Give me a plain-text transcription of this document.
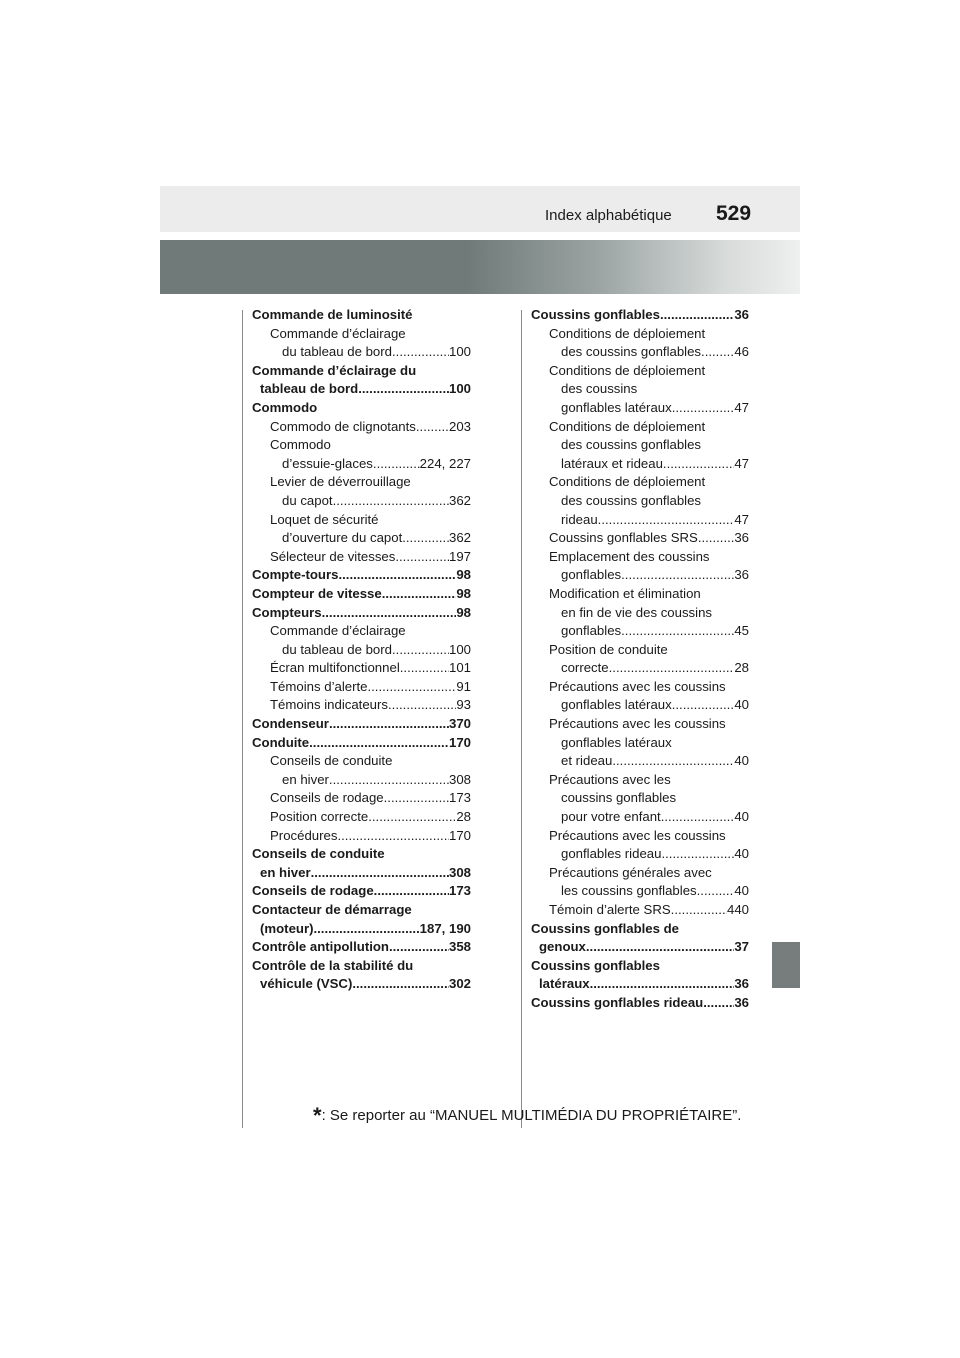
Index alphabétique 529
Commande de luminosité
Commande d’éclairage
du tableau de bord .....	100
Commande d’éclairage du
tableau de bord .....	100
Commodo
Commodo de clignotants .....	203
Commodo
d’essuie-glaces .....	224, 227
Levier de déverrouillage
du capot .....	362
Loquet de sécurité
d’ouverture du capot .....	362
Sélecteur de vitesses .....	197
Compte-tours .....	98
Compteur de vitesse .....	98
Compteurs .....	98
Commande d’éclairage
du tableau de bord .....	100
Écran multifonctionnel .....	101
Témoins d’alerte .....	91
Témoins indicateurs .....	93
Condenseur .....	370
Conduite .....	170
Conseils de conduite
en hiver .....	308
Conseils de rodage .....	173
Position correcte .....	28
Procédures .....	170
Conseils de conduite
en hiver .....	308
Conseils de rodage .....	173
Contacteur de démarrage
(moteur) .....	187, 190
Contrôle antipollution .....	358
Contrôle de la stabilité du
véhicule (VSC) .....	302
Coussins gonflables .....	36
Conditions de déploiement
des coussins gonflables .....	46
Conditions de déploiement
des coussins
gonflables latéraux .....	47
Conditions de déploiement
des coussins gonflables
latéraux et rideau .....	47
Conditions de déploiement
des coussins gonflables
rideau .....	47
Coussins gonflables SRS .....	36
Emplacement des coussins
gonflables .....	36
Modification et élimination
en fin de vie des coussins
gonflables .....	45
Position de conduite
correcte .....	28
Précautions avec les coussins
gonflables latéraux .....	40
Précautions avec les coussins
gonflables latéraux
et rideau .....	40
Précautions avec les
coussins gonflables
pour votre enfant .....	40
Précautions avec les coussins
gonflables rideau .....	40
Précautions générales avec
les coussins gonflables .....	40
Témoin d’alerte SRS .....	440
Coussins gonflables de
genoux .....	37
Coussins gonflables
latéraux .....	36
Coussins gonflables rideau ..... 36
*: Se reporter au “MANUEL MULTIMÉDIA DU PROPRIÉTAIRE”.
